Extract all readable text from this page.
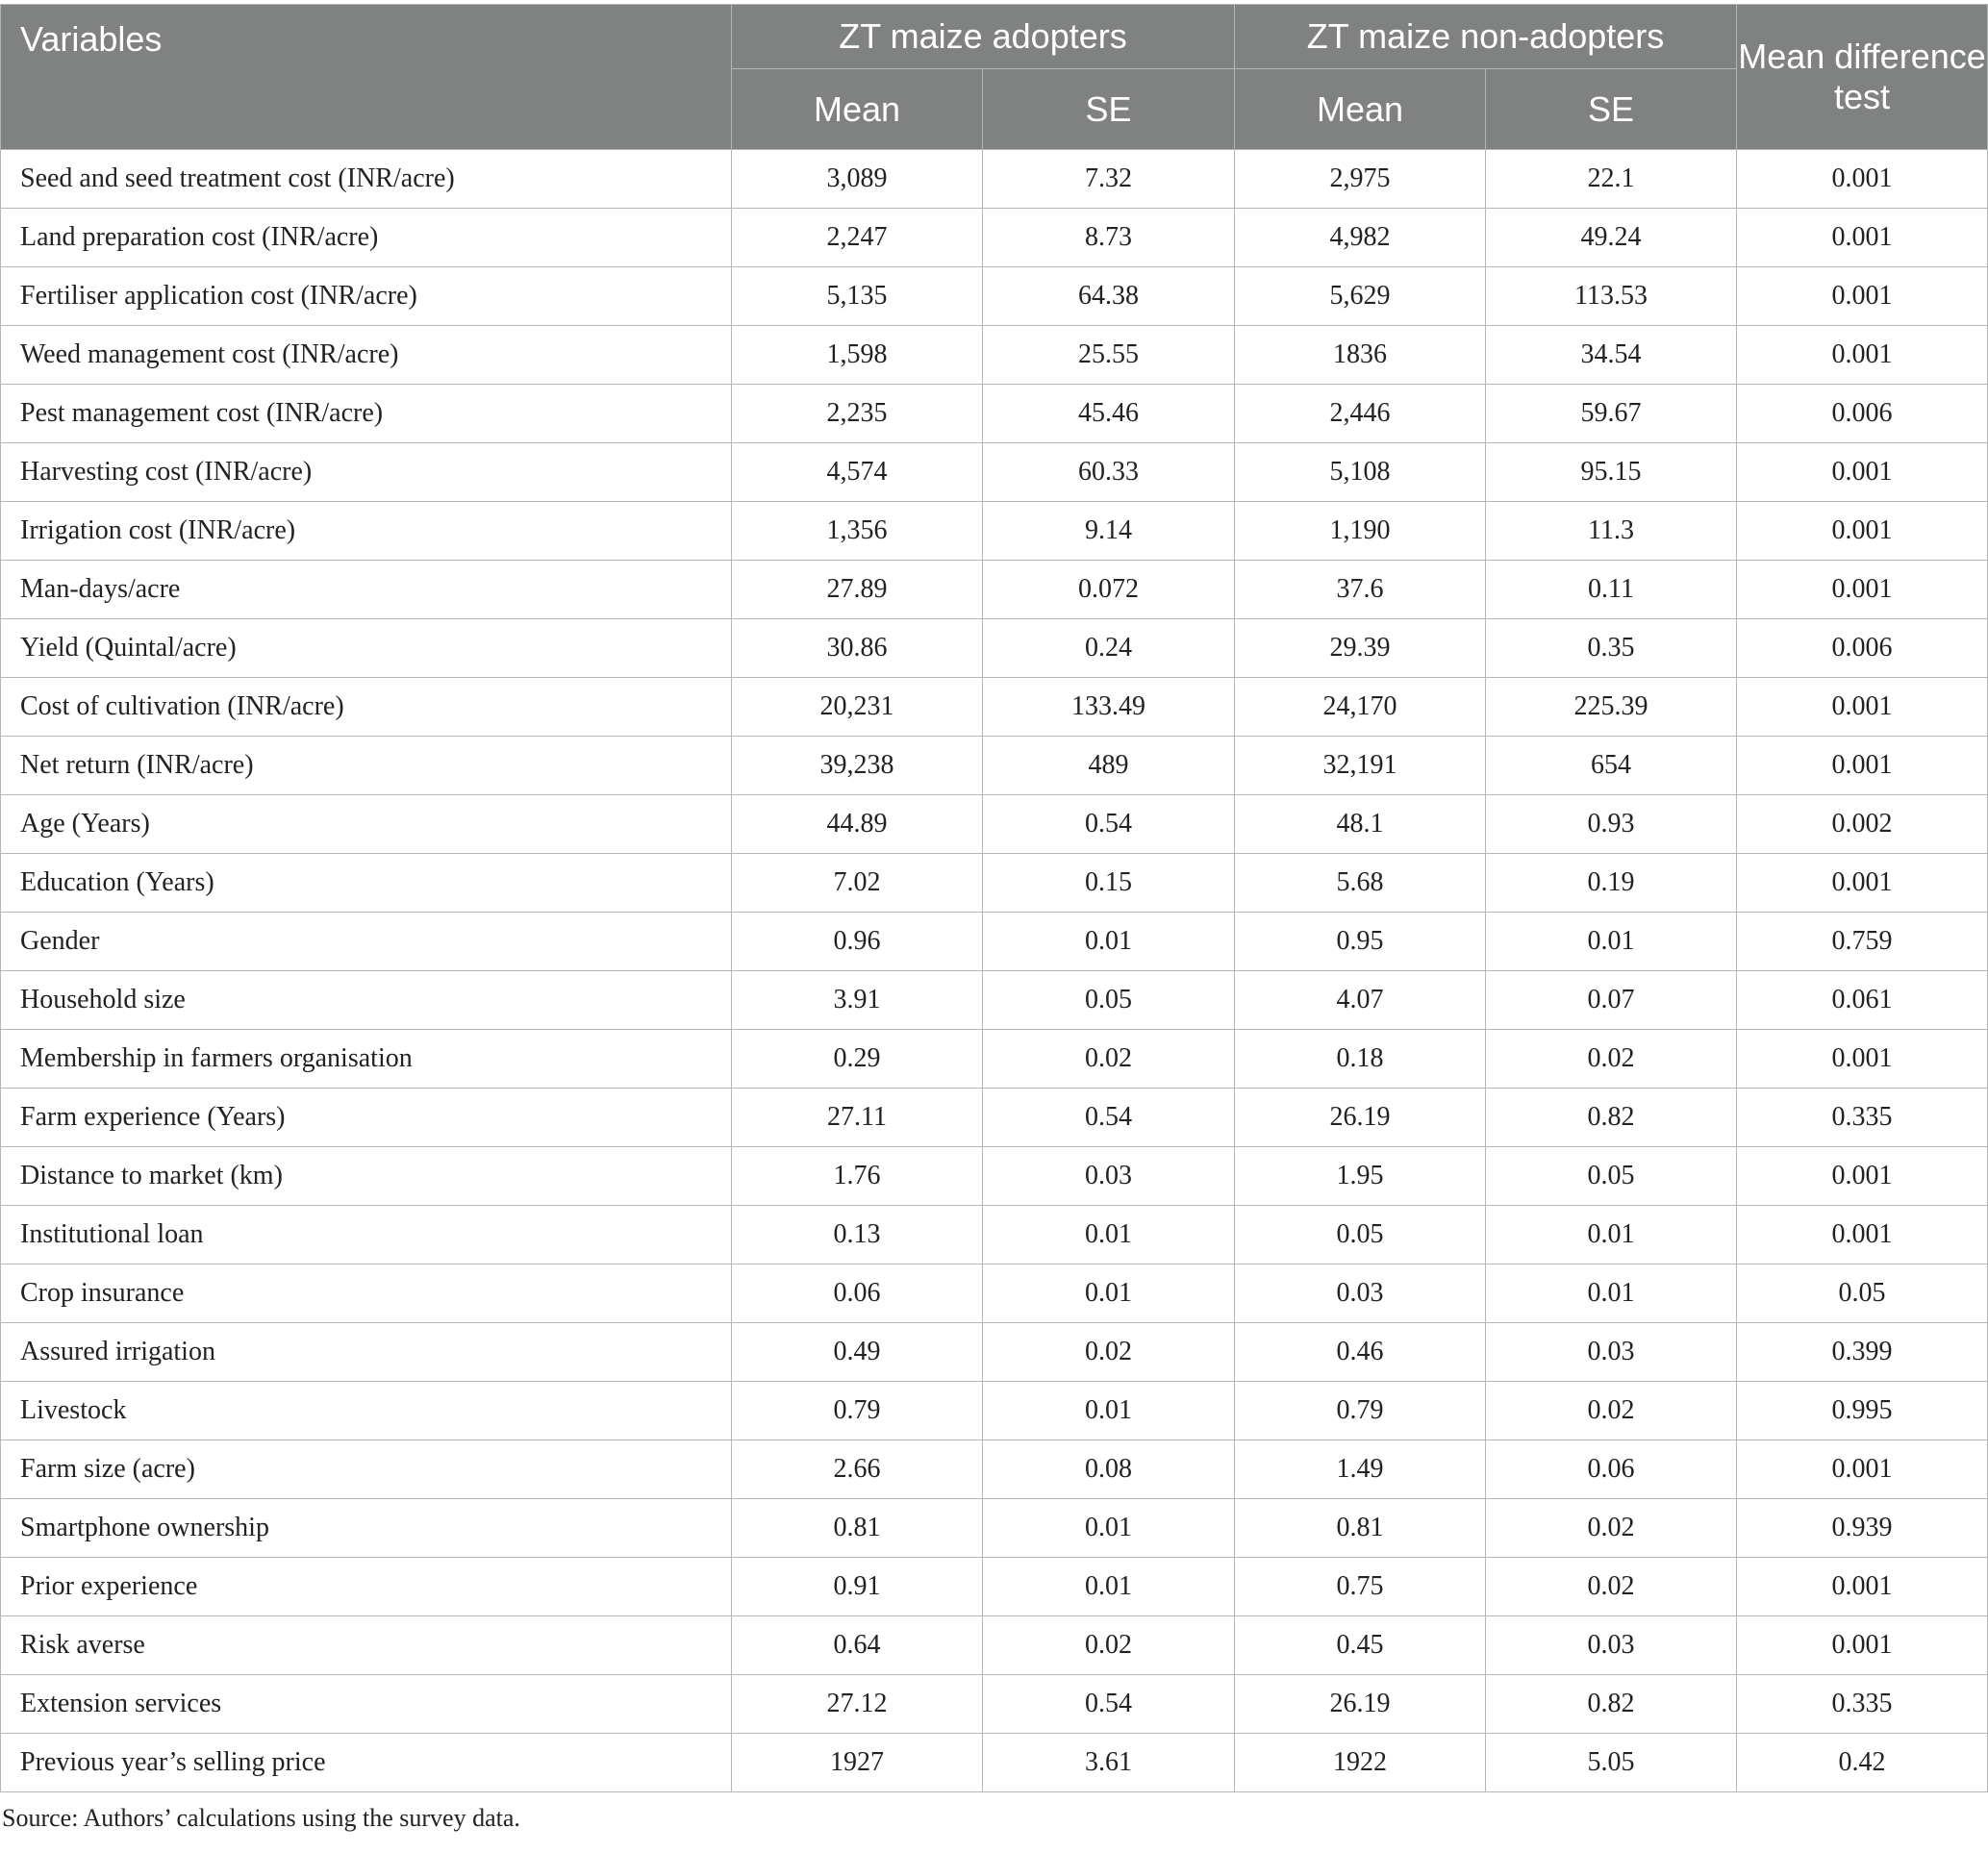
Variables	ZT maize adopters		ZT maize non-adopters		Mean difference test
	Mean	SE	Mean	SE	
Seed and seed treatment cost (INR/acre)	3,089	7.32	2,975	22.1	0.001
Land preparation cost (INR/acre)	2,247	8.73	4,982	49.24	0.001
Fertiliser application cost (INR/acre)	5,135	64.38	5,629	113.53	0.001
Weed management cost (INR/acre)	1,598	25.55	1836	34.54	0.001
Pest management cost (INR/acre)	2,235	45.46	2,446	59.67	0.006
Harvesting cost (INR/acre)	4,574	60.33	5,108	95.15	0.001
Irrigation cost (INR/acre)	1,356	9.14	1,190	11.3	0.001
Man-days/acre	27.89	0.072	37.6	0.11	0.001
Yield (Quintal/acre)	30.86	0.24	29.39	0.35	0.006
Cost of cultivation (INR/acre)	20,231	133.49	24,170	225.39	0.001
Net return (INR/acre)	39,238	489	32,191	654	0.001
Age (Years)	44.89	0.54	48.1	0.93	0.002
Education (Years)	7.02	0.15	5.68	0.19	0.001
Gender	0.96	0.01	0.95	0.01	0.759
Household size	3.91	0.05	4.07	0.07	0.061
Membership in farmers organisation	0.29	0.02	0.18	0.02	0.001
Farm experience (Years)	27.11	0.54	26.19	0.82	0.335
Distance to market (km)	1.76	0.03	1.95	0.05	0.001
Institutional loan	0.13	0.01	0.05	0.01	0.001
Crop insurance	0.06	0.01	0.03	0.01	0.05
Assured irrigation	0.49	0.02	0.46	0.03	0.399
Livestock	0.79	0.01	0.79	0.02	0.995
Farm size (acre)	2.66	0.08	1.49	0.06	0.001
Smartphone ownership	0.81	0.01	0.81	0.02	0.939
Prior experience	0.91	0.01	0.75	0.02	0.001
Risk averse	0.64	0.02	0.45	0.03	0.001
Extension services	27.12	0.54	26.19	0.82	0.335
Previous year’s selling price	1927	3.61	1922	5.05	0.42
Source: Authors’ calculations using the survey data.
